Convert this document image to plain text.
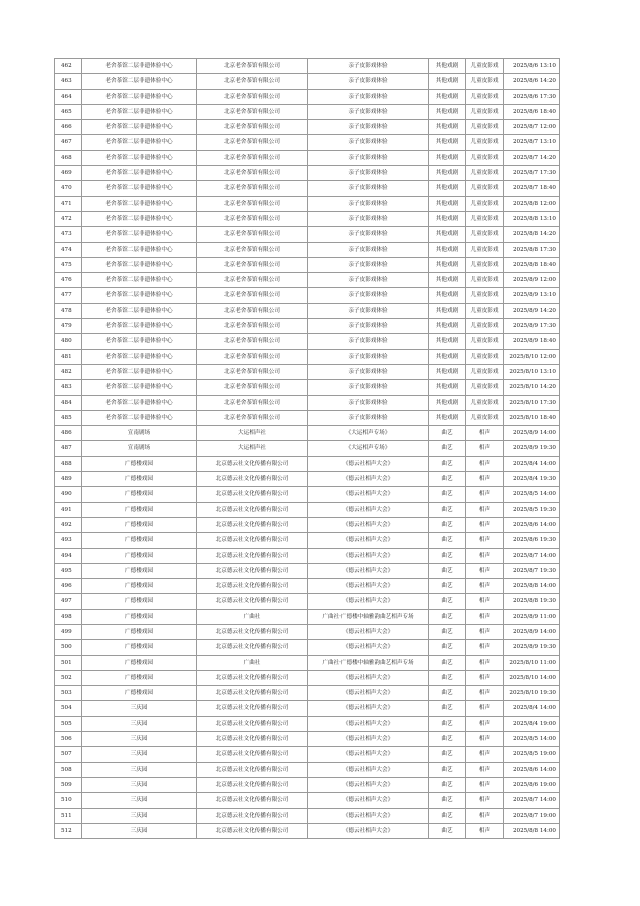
462	老舍茶馆二层非遗体验中心	北京老舍茶馆有限公司	亲子皮影戏体验	其他戏剧	儿童皮影戏	2025/8/6 13:10
463	老舍茶馆二层非遗体验中心	北京老舍茶馆有限公司	亲子皮影戏体验	其他戏剧	儿童皮影戏	2025/8/6 14:20
464	老舍茶馆二层非遗体验中心	北京老舍茶馆有限公司	亲子皮影戏体验	其他戏剧	儿童皮影戏	2025/8/6 17:30
465	老舍茶馆二层非遗体验中心	北京老舍茶馆有限公司	亲子皮影戏体验	其他戏剧	儿童皮影戏	2025/8/6 18:40
466	老舍茶馆二层非遗体验中心	北京老舍茶馆有限公司	亲子皮影戏体验	其他戏剧	儿童皮影戏	2025/8/7 12:00
467	老舍茶馆二层非遗体验中心	北京老舍茶馆有限公司	亲子皮影戏体验	其他戏剧	儿童皮影戏	2025/8/7 13:10
468	老舍茶馆二层非遗体验中心	北京老舍茶馆有限公司	亲子皮影戏体验	其他戏剧	儿童皮影戏	2025/8/7 14:20
469	老舍茶馆二层非遗体验中心	北京老舍茶馆有限公司	亲子皮影戏体验	其他戏剧	儿童皮影戏	2025/8/7 17:30
470	老舍茶馆二层非遗体验中心	北京老舍茶馆有限公司	亲子皮影戏体验	其他戏剧	儿童皮影戏	2025/8/7 18:40
471	老舍茶馆二层非遗体验中心	北京老舍茶馆有限公司	亲子皮影戏体验	其他戏剧	儿童皮影戏	2025/8/8 12:00
472	老舍茶馆二层非遗体验中心	北京老舍茶馆有限公司	亲子皮影戏体验	其他戏剧	儿童皮影戏	2025/8/8 13:10
473	老舍茶馆二层非遗体验中心	北京老舍茶馆有限公司	亲子皮影戏体验	其他戏剧	儿童皮影戏	2025/8/8 14:20
474	老舍茶馆二层非遗体验中心	北京老舍茶馆有限公司	亲子皮影戏体验	其他戏剧	儿童皮影戏	2025/8/8 17:30
475	老舍茶馆二层非遗体验中心	北京老舍茶馆有限公司	亲子皮影戏体验	其他戏剧	儿童皮影戏	2025/8/8 18:40
476	老舍茶馆二层非遗体验中心	北京老舍茶馆有限公司	亲子皮影戏体验	其他戏剧	儿童皮影戏	2025/8/9 12:00
477	老舍茶馆二层非遗体验中心	北京老舍茶馆有限公司	亲子皮影戏体验	其他戏剧	儿童皮影戏	2025/8/9 13:10
478	老舍茶馆二层非遗体验中心	北京老舍茶馆有限公司	亲子皮影戏体验	其他戏剧	儿童皮影戏	2025/8/9 14:20
479	老舍茶馆二层非遗体验中心	北京老舍茶馆有限公司	亲子皮影戏体验	其他戏剧	儿童皮影戏	2025/8/9 17:30
480	老舍茶馆二层非遗体验中心	北京老舍茶馆有限公司	亲子皮影戏体验	其他戏剧	儿童皮影戏	2025/8/9 18:40
481	老舍茶馆二层非遗体验中心	北京老舍茶馆有限公司	亲子皮影戏体验	其他戏剧	儿童皮影戏	2025/8/10 12:00
482	老舍茶馆二层非遗体验中心	北京老舍茶馆有限公司	亲子皮影戏体验	其他戏剧	儿童皮影戏	2025/8/10 13:10
483	老舍茶馆二层非遗体验中心	北京老舍茶馆有限公司	亲子皮影戏体验	其他戏剧	儿童皮影戏	2025/8/10 14:20
484	老舍茶馆二层非遗体验中心	北京老舍茶馆有限公司	亲子皮影戏体验	其他戏剧	儿童皮影戏	2025/8/10 17:30
485	老舍茶馆二层非遗体验中心	北京老舍茶馆有限公司	亲子皮影戏体验	其他戏剧	儿童皮影戏	2025/8/10 18:40
486	宣南剧场	大运相声社	《大运相声专场》	曲艺	相声	2025/8/9 14:00
487	宣南剧场	大运相声社	《大运相声专场》	曲艺	相声	2025/8/9 19:30
488	广德楼戏园	北京德云社文化传播有限公司	《德云社相声大会》	曲艺	相声	2025/8/4 14:00
489	广德楼戏园	北京德云社文化传播有限公司	《德云社相声大会》	曲艺	相声	2025/8/4 19:30
490	广德楼戏园	北京德云社文化传播有限公司	《德云社相声大会》	曲艺	相声	2025/8/5 14:00
491	广德楼戏园	北京德云社文化传播有限公司	《德云社相声大会》	曲艺	相声	2025/8/5 19:30
492	广德楼戏园	北京德云社文化传播有限公司	《德云社相声大会》	曲艺	相声	2025/8/6 14:00
493	广德楼戏园	北京德云社文化传播有限公司	《德云社相声大会》	曲艺	相声	2025/8/6 19:30
494	广德楼戏园	北京德云社文化传播有限公司	《德云社相声大会》	曲艺	相声	2025/8/7 14:00
495	广德楼戏园	北京德云社文化传播有限公司	《德云社相声大会》	曲艺	相声	2025/8/7 19:30
496	广德楼戏园	北京德云社文化传播有限公司	《德云社相声大会》	曲艺	相声	2025/8/8 14:00
497	广德楼戏园	北京德云社文化传播有限公司	《德云社相声大会》	曲艺	相声	2025/8/8 19:30
498	广德楼戏园	广曲社	广曲社·广德楼中轴雅韵曲艺相声专场	曲艺	相声	2025/8/9 11:00
499	广德楼戏园	北京德云社文化传播有限公司	《德云社相声大会》	曲艺	相声	2025/8/9 14:00
500	广德楼戏园	北京德云社文化传播有限公司	《德云社相声大会》	曲艺	相声	2025/8/9 19:30
501	广德楼戏园	广曲社	广曲社·广德楼中轴雅韵曲艺相声专场	曲艺	相声	2025/8/10 11:00
502	广德楼戏园	北京德云社文化传播有限公司	《德云社相声大会》	曲艺	相声	2025/8/10 14:00
503	广德楼戏园	北京德云社文化传播有限公司	《德云社相声大会》	曲艺	相声	2025/8/10 19:30
504	三庆园	北京德云社文化传播有限公司	《德云社相声大会》	曲艺	相声	2025/8/4 14:00
505	三庆园	北京德云社文化传播有限公司	《德云社相声大会》	曲艺	相声	2025/8/4 19:00
506	三庆园	北京德云社文化传播有限公司	《德云社相声大会》	曲艺	相声	2025/8/5 14:00
507	三庆园	北京德云社文化传播有限公司	《德云社相声大会》	曲艺	相声	2025/8/5 19:00
508	三庆园	北京德云社文化传播有限公司	《德云社相声大会》	曲艺	相声	2025/8/6 14:00
509	三庆园	北京德云社文化传播有限公司	《德云社相声大会》	曲艺	相声	2025/8/6 19:00
510	三庆园	北京德云社文化传播有限公司	《德云社相声大会》	曲艺	相声	2025/8/7 14:00
511	三庆园	北京德云社文化传播有限公司	《德云社相声大会》	曲艺	相声	2025/8/7 19:00
512	三庆园	北京德云社文化传播有限公司	《德云社相声大会》	曲艺	相声	2025/8/8 14:00
